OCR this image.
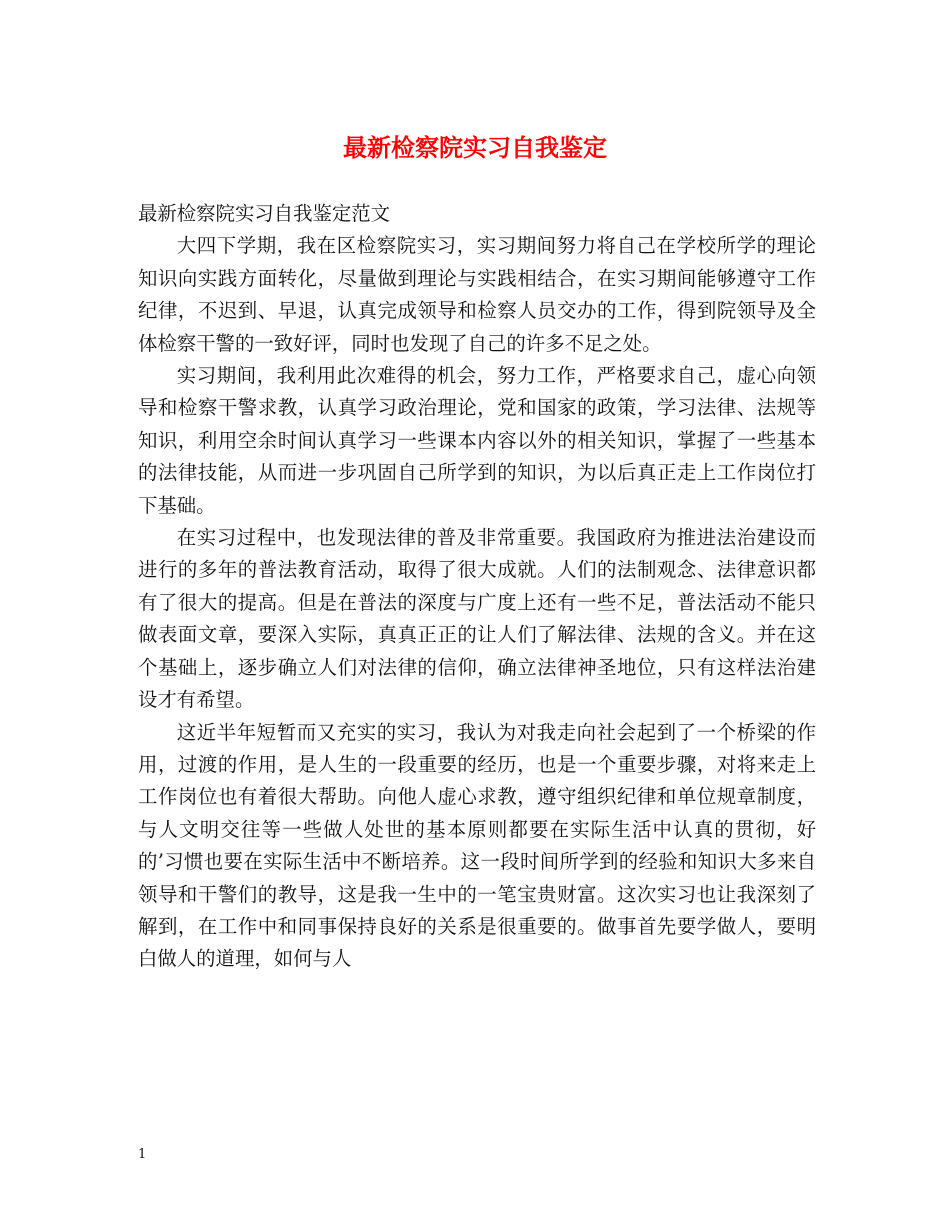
最新检察院实习自我鉴定

最新检察院实习自我鉴定范文

大四下学期，我在区检察院实习，实习期间努力将自己在学校所学的理论知识向实践方面转化，尽量做到理论与实践相结合，在实习期间能够遵守工作纪律，不迟到、早退，认真完成领导和检察人员交办的工作，得到院领导及全体检察干警的一致好评，同时也发现了自己的许多不足之处。

实习期间，我利用此次难得的机会，努力工作，严格要求自己，虚心向领导和检察干警求教，认真学习政治理论，党和国家的政策，学习法律、法规等知识，利用空余时间认真学习一些课本内容以外的相关知识，掌握了一些基本的法律技能，从而进一步巩固自己所学到的知识，为以后真正走上工作岗位打下基础。

在实习过程中，也发现法律的普及非常重要。我国政府为推进法治建设而进行的多年的普法教育活动，取得了很大成就。人们的法制观念、法律意识都有了很大的提高。但是在普法的深度与广度上还有一些不足，普法活动不能只做表面文章，要深入实际，真真正正的让人们了解法律、法规的含义。并在这个基础上，逐步确立人们对法律的信仰，确立法律神圣地位，只有这样法治建设才有希望。

这近半年短暂而又充实的实习，我认为对我走向社会起到了一个桥梁的作用，过渡的作用，是人生的一段重要的经历，也是一个重要步骤，对将来走上工作岗位也有着很大帮助。向他人虚心求教，遵守组织纪律和单位规章制度，与人文明交往等一些做人处世的基本原则都要在实际生活中认真的贯彻，好的’习惯也要在实际生活中不断培养。这一段时间所学到的经验和知识大多来自领导和干警们的教导，这是我一生中的一笔宝贵财富。这次实习也让我深刻了解到，在工作中和同事保持良好的关系是很重要的。做事首先要学做人，要明白做人的道理，如何与人

1
